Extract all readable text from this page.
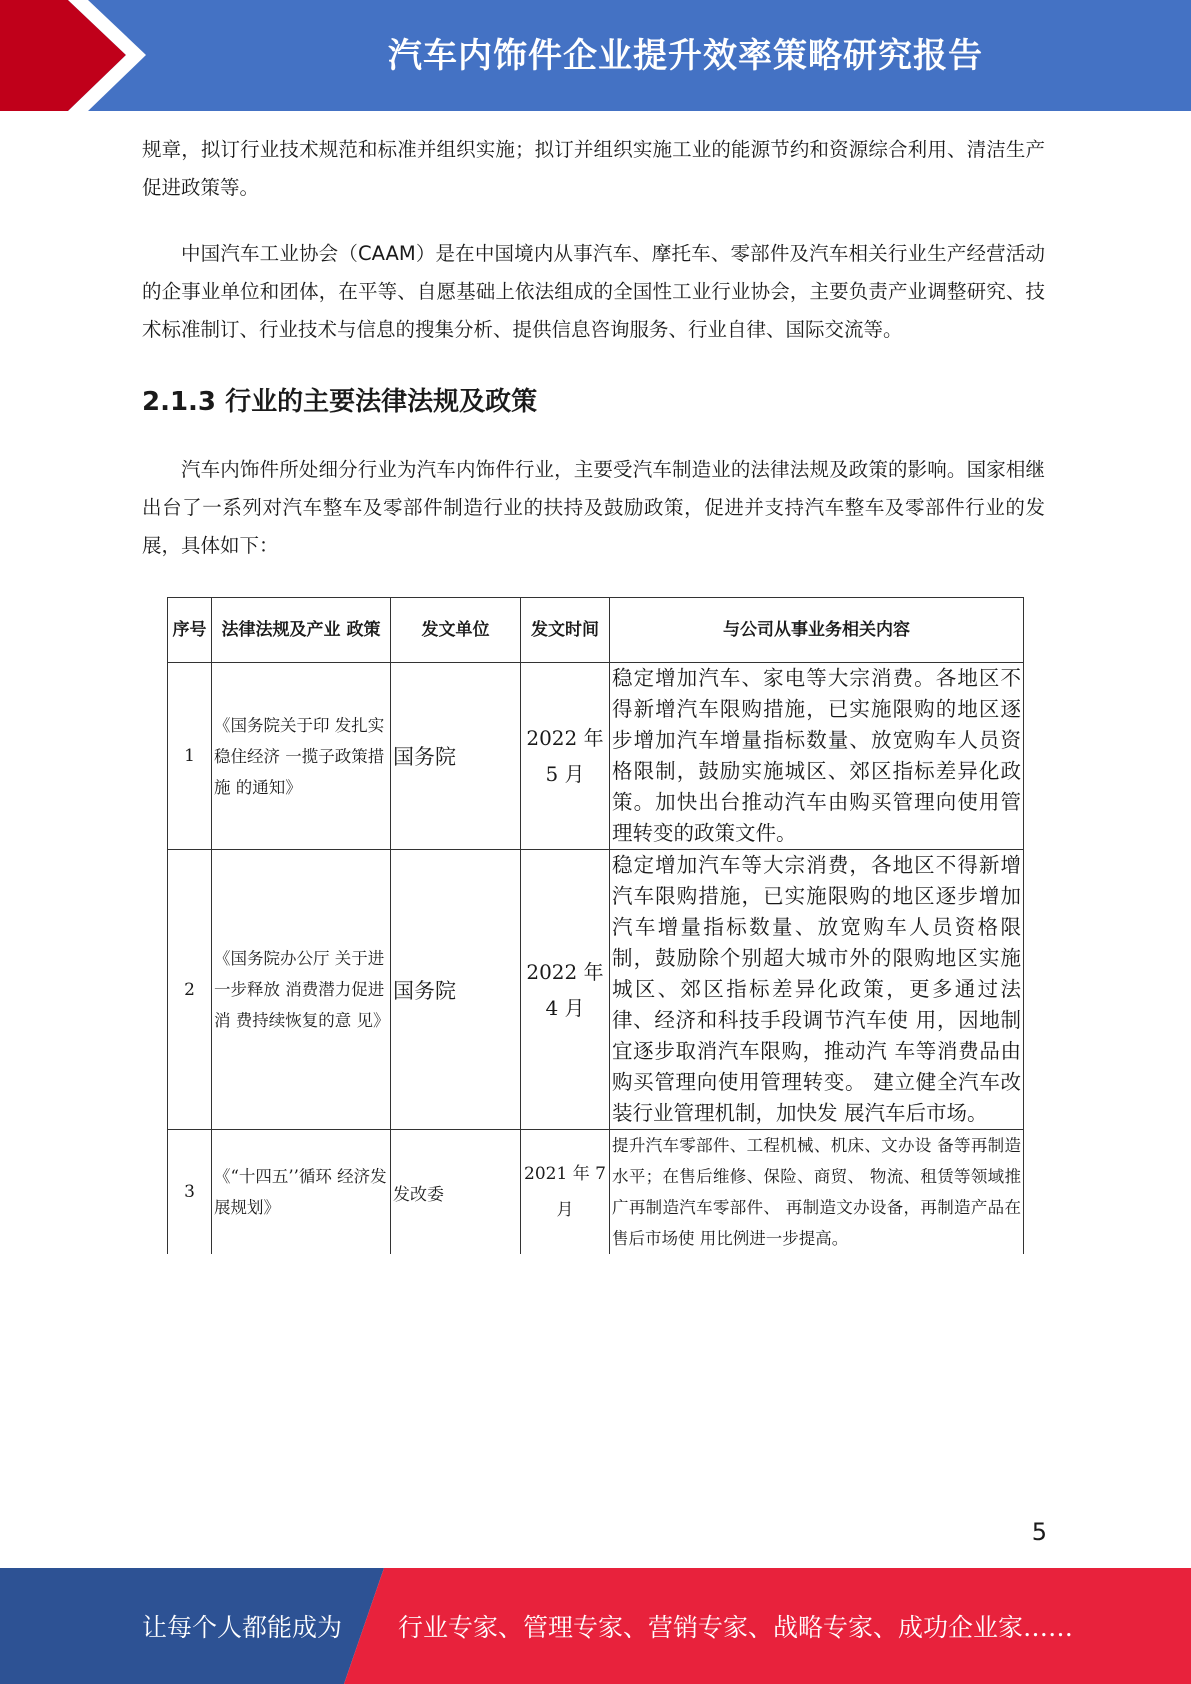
汽车内饰件企业提升效率策略研究报告

规章，拟订行业技术规范和标准并组织实施；拟订并组织实施工业的能源节约和资源综合利用、清洁生产促进政策等。

中国汽车工业协会（CAAM）是在中国境内从事汽车、摩托车、零部件及汽车相关行业生产经营活动的企事业单位和团体，在平等、自愿基础上依法组成的全国性工业行业协会，主要负责产业调整研究、技术标准制订、行业技术与信息的搜集分析、提供信息咨询服务、行业自律、国际交流等。

2.1.3 行业的主要法律法规及政策

汽车内饰件所处细分行业为汽车内饰件行业，主要受汽车制造业的法律法规及政策的影响。国家相继出台了一系列对汽车整车及零部件制造行业的扶持及鼓励政策，促进并支持汽车整车及零部件行业的发展，具体如下：

序号	法律法规及产业 政策	发文单位	发文时间	与公司从事业务相关内容
1	《国务院关于印 发扎实稳住经济 一揽子政策措施 的通知》	国务院	2022 年 5 月	稳定增加汽车、家电等大宗消费。各地区不得新增汽车限购措施，已实施限购的地区逐步增加汽车增量指标数量、放宽购车人员资格限制，鼓励实施城区、郊区指标差异化政策。加快出台推动汽车由购买管理向使用管理转变的政策文件。
2	《国务院办公厅 关于进一步释放 消费潜力促进消 费持续恢复的意 见》	国务院	2022 年 4 月	稳定增加汽车等大宗消费，各地区不得新增汽车限购措施，已实施限购的地区逐步增加汽车增量指标数量、放宽购车人员资格限制，鼓励除个别超大城市外的限购地区实施城区、郊区指标差异化政策，更多通过法律、经济和科技手段调节汽车使 用，因地制宜逐步取消汽车限购，推动汽 车等消费品由购买管理向使用管理转变。 建立健全汽车改装行业管理机制，加快发 展汽车后市场。
3	《“十四五’’循环 经济发展规划》	发改委	2021 年 7 月	提升汽车零部件、工程机械、机床、文办设 备等再制造水平；在售后维修、保险、商贸、 物流、租赁等领域推广再制造汽车零部件、 再制造文办设备，再制造产品在售后市场使 用比例进一步提高。
5
让每个人都能成为 行业专家、管理专家、营销专家、战略专家、成功企业家……
